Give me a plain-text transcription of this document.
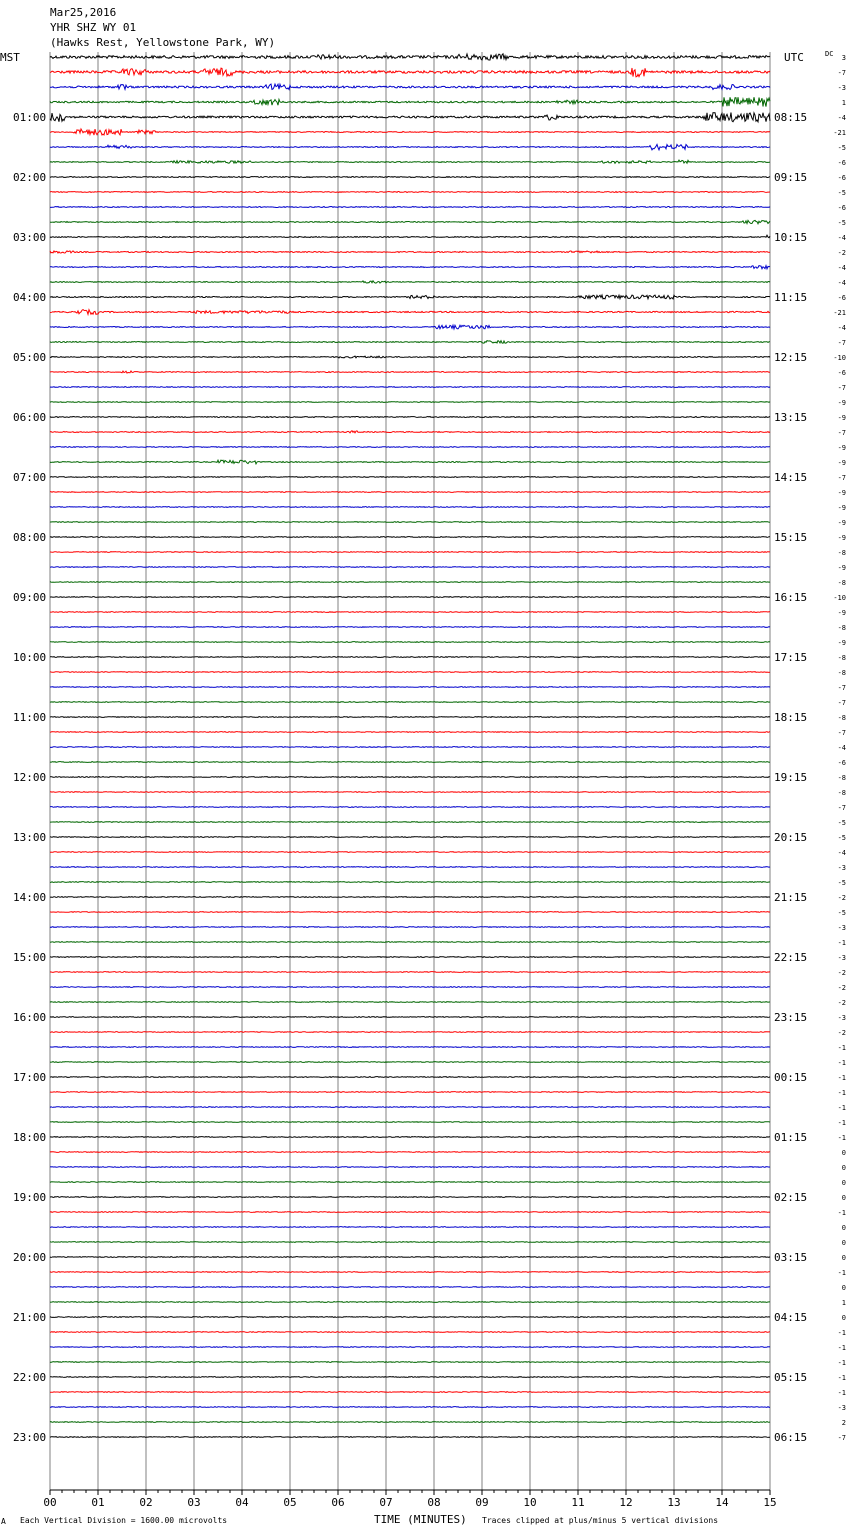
Mar25,2016
YHR SHZ WY 01
(Hawks Rest, Yellowstone Park, WY)
MST	UTC	DC
01:00
02:00
03:00
04:00
05:00
06:00
07:00
08:00
09:00
10:00
11:00
12:00
13:00
14:00
15:00
16:00
17:00
18:00
19:00
20:00
21:00
22:00
23:00
08:15
09:15
10:15
11:15
12:15
13:15
14:15
15:15
16:15
17:15
18:15
19:15
20:15
21:15
22:15
23:15
00:15
01:15
02:15
03:15
04:15
05:15
06:15
3
-7
-3
1
-4
-21
-5
-6
-6
-5
-6
-5
-4
-2
-4
-4
-6
-21
-4
-7
-10
-6
-7
-9
-9
-7
-9
-9
-7
-9
-9
-9
-9
-8
-9
-8
-10
-9
-8
-9
-8
-8
-7
-7
-8
-7
-4
-6
-8
-8
-7
-5
-5
-4
-3
-5
-2
-5
-3
-1
-3
-2
-2
-2
-3
-2
-1
-1
-1
-1
-1
-1
-1
0
0
0
0
-1
0
0
0
-1
0
1
0
-1
-1
-1
-1
-1
-3
2
-7
00	01	02	03	04	05	06	07	08	09	10	11	12	13	14	15
A Each Vertical Division = 1600.00 microvolts	TIME (MINUTES) Traces clipped at plus/minus 5 vertical divisions
